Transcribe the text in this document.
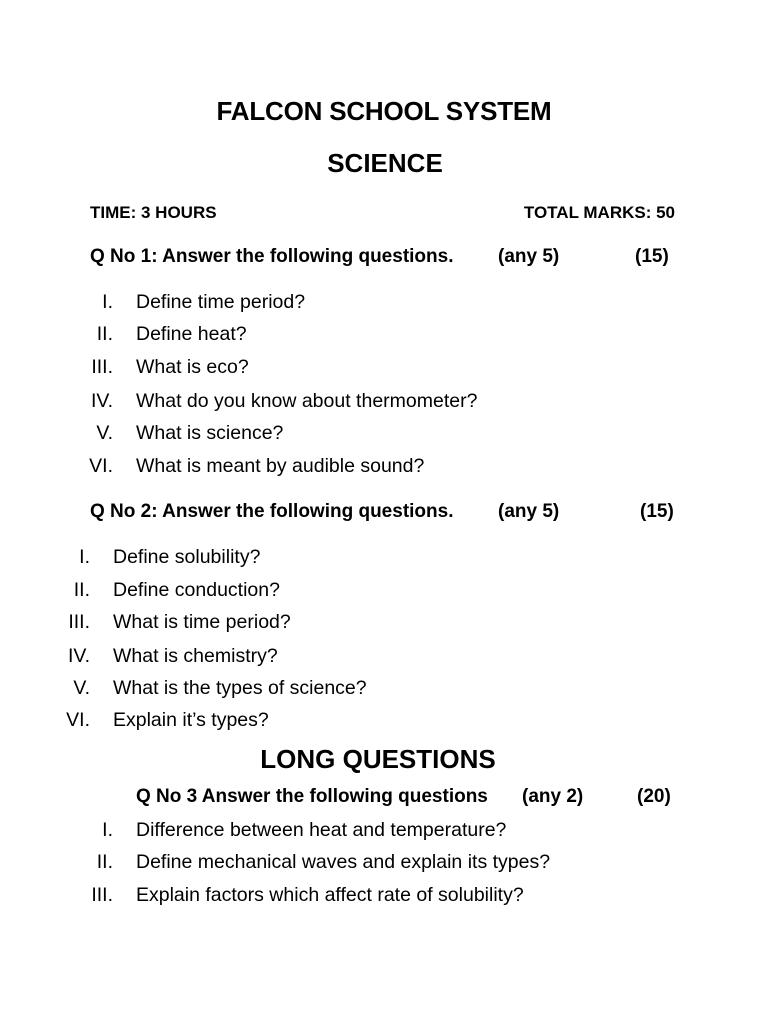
FALCON SCHOOL SYSTEM
SCIENCE
TIME: 3 HOURS	TOTAL MARKS: 50
Q No 1: Answer the following questions. (any 5)	(15)
I. Define time period?
II. Define heat?
III. What is eco?
IV. What do you know about thermometer?
V. What is science?
VI. What is meant by audible sound?
Q No 2: Answer the following questions. (any 5)	(15)
I. Define solubility?
II. Define conduction?
III. What is time period?
IV. What is chemistry?
V. What is the types of science?
VI. Explain it’s types?
LONG QUESTIONS
Q No 3 Answer the following questions (any 2)	(20)
I. Difference between heat and temperature?
II. Define mechanical waves and explain its types?
III. Explain factors which affect rate of solubility?
